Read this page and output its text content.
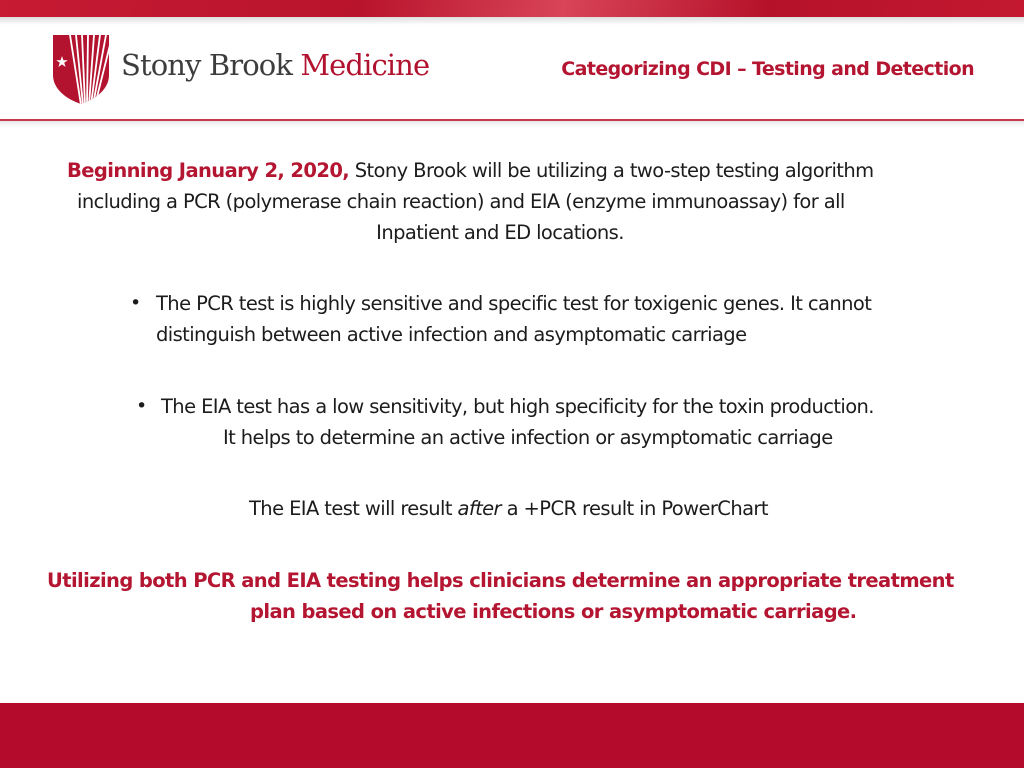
Stony Brook Medicine	Categorizing CDI – Testing and Detection
Beginning January 2, 2020, Stony Brook will be utilizing a two-step testing algorithm
including a PCR (polymerase chain reaction) and EIA (enzyme immunoassay) for all
Inpatient and ED locations.
• The PCR test is highly sensitive and specific test for toxigenic genes. It cannot
distinguish between active infection and asymptomatic carriage
• The EIA test has a low sensitivity, but high specificity for the toxin production.
It helps to determine an active infection or asymptomatic carriage
The EIA test will result after a +PCR result in PowerChart
Utilizing both PCR and EIA testing helps clinicians determine an appropriate treatment
plan based on active infections or asymptomatic carriage.
